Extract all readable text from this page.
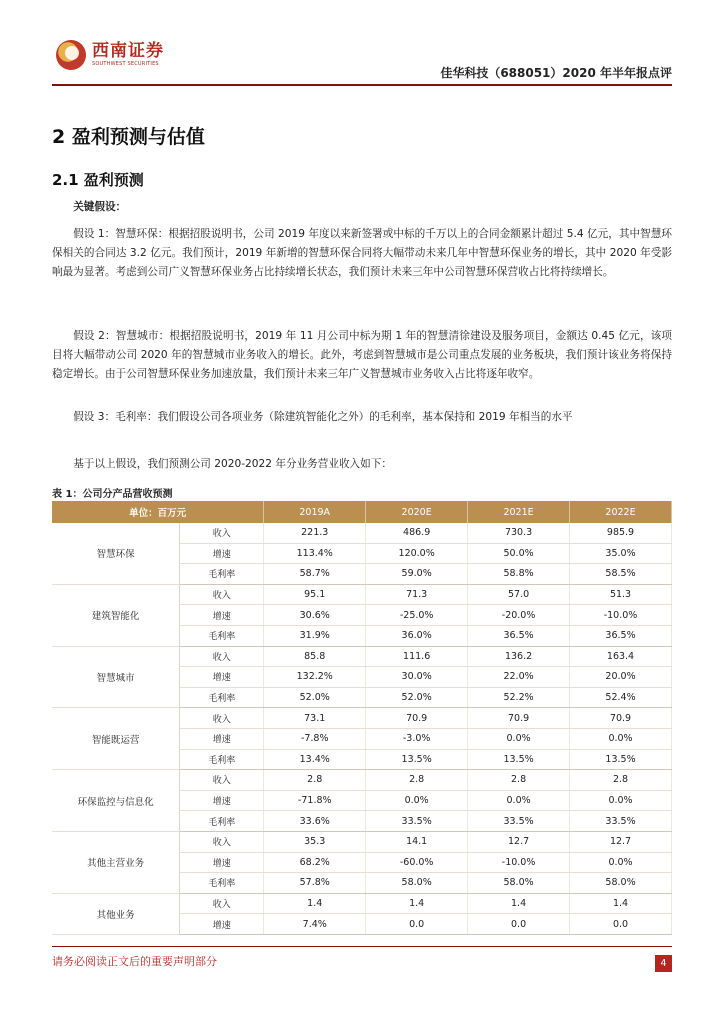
西南证券
SOUTHWEST SECURITIES
佳华科技（688051）2020 年半年报点评
2 盈利预测与估值
2.1 盈利预测

关键假设：

假设 1：智慧环保：根据招股说明书，公司 2019 年度以来新签署或中标的千万以上的合同金额累计超过 5.4 亿元，其中智慧环保相关的合同达 3.2 亿元。我们预计，2019 年新增的智慧环保合同将大幅带动未来几年中智慧环保业务的增长，其中 2020 年受影响最为显著。考虑到公司广义智慧环保业务占比持续增长状态，我们预计未来三年中公司智慧环保营收占比将持续增长。

假设 2：智慧城市：根据招股说明书，2019 年 11 月公司中标为期 1 年的智慧清徐建设及服务项目，金额达 0.45 亿元，该项目将大幅带动公司 2020 年的智慧城市业务收入的增长。此外，考虑到智慧城市是公司重点发展的业务板块，我们预计该业务将保持稳定增长。由于公司智慧环保业务加速放量，我们预计未来三年广义智慧城市业务收入占比将逐年收窄。

假设 3：毛利率：我们假设公司各项业务（除建筑智能化之外）的毛利率，基本保持和 2019 年相当的水平

基于以上假设，我们预测公司 2020-2022 年分业务营业收入如下：

表 1：公司分产品营收预测
单位：百万元		2019A	2020E	2021E	2022E
智慧环保	收入	221.3	486.9	730.3	985.9
	增速	113.4%	120.0%	50.0%	35.0%
	毛利率	58.7%	59.0%	58.8%	58.5%
建筑智能化	收入	95.1	71.3	57.0	51.3
	增速	30.6%	-25.0%	-20.0%	-10.0%
	毛利率	31.9%	36.0%	36.5%	36.5%
智慧城市	收入	85.8	111.6	136.2	163.4
	增速	132.2%	30.0%	22.0%	20.0%
	毛利率	52.0%	52.0%	52.2%	52.4%
智能既运营	收入	73.1	70.9	70.9	70.9
	增速	-7.8%	-3.0%	0.0%	0.0%
	毛利率	13.4%	13.5%	13.5%	13.5%
环保监控与信息化	收入	2.8	2.8	2.8	2.8
	增速	-71.8%	0.0%	0.0%	0.0%
	毛利率	33.6%	33.5%	33.5%	33.5%
其他主营业务	收入	35.3	14.1	12.7	12.7
	增速	68.2%	-60.0%	-10.0%	0.0%
	毛利率	57.8%	58.0%	58.0%	58.0%
其他业务	收入	1.4	1.4	1.4	1.4
	增速	7.4%	0.0	0.0	0.0
请务必阅读正文后的重要声明部分	4
